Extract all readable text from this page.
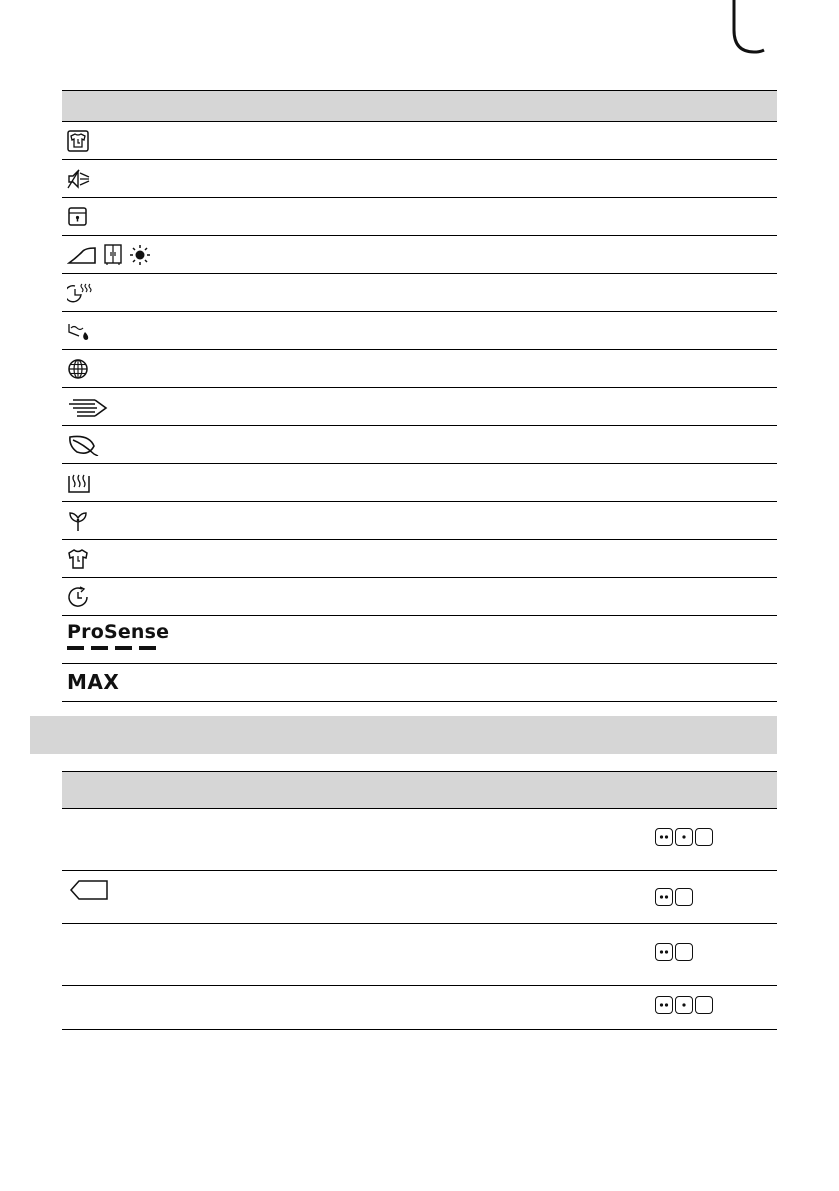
ProSense
MAX
